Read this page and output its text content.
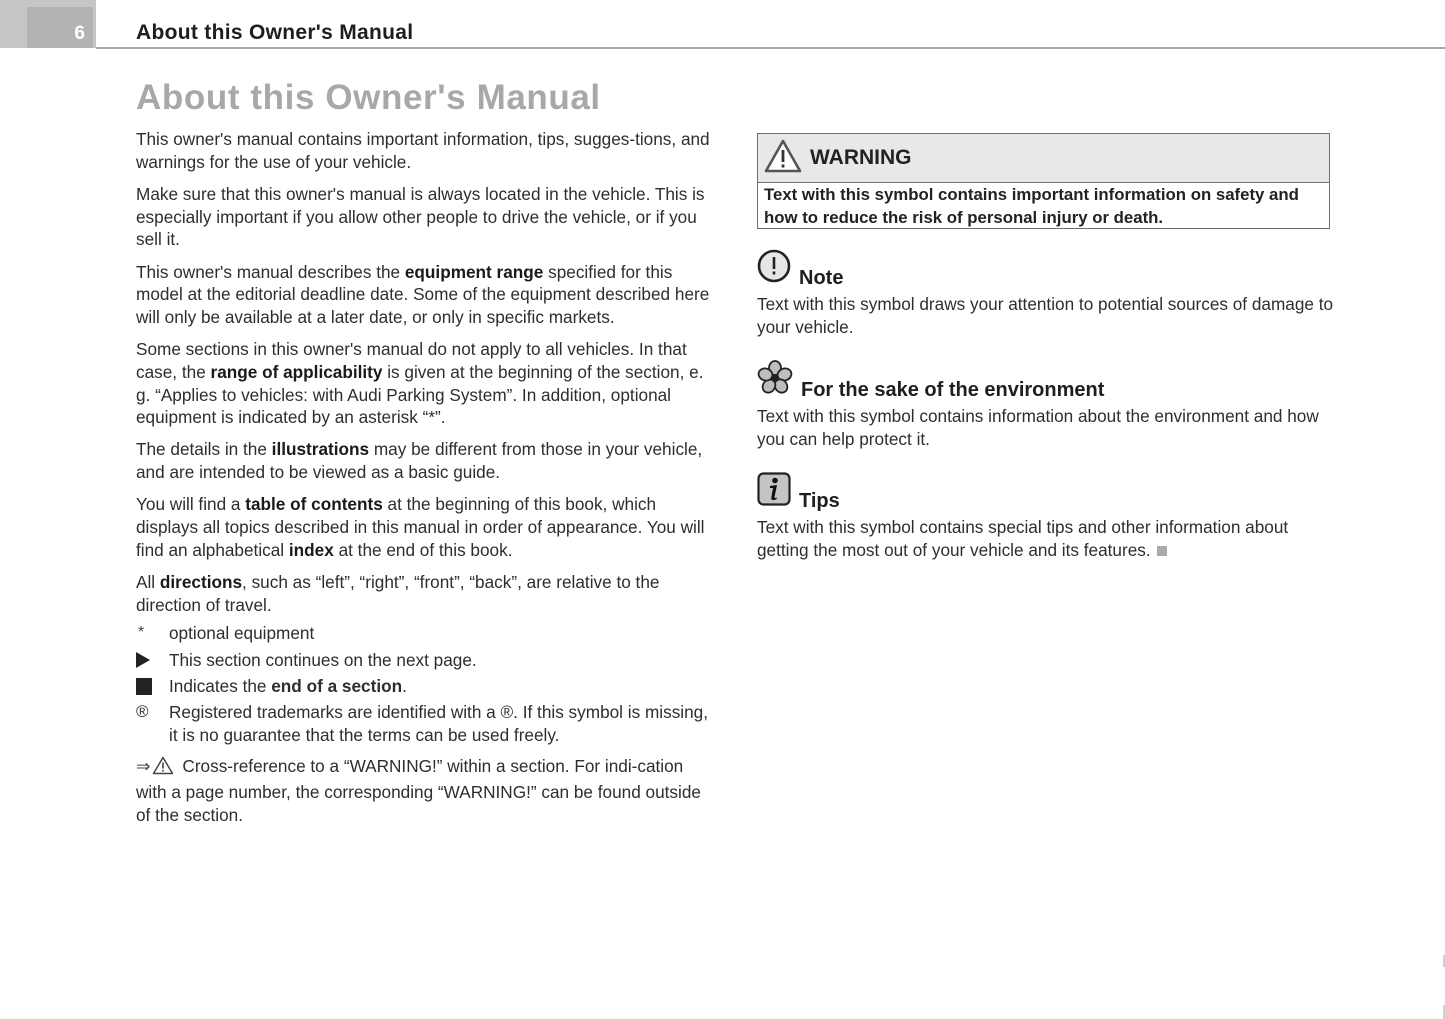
6 About this Owner's Manual
About this Owner's Manual

This owner's manual contains important information, tips, sugges-tions, and warnings for the use of your vehicle.

Make sure that this owner's manual is always located in the vehicle. This is especially important if you allow other people to drive the vehicle, or if you sell it.

This owner's manual describes the equipment range specified for this model at the editorial deadline date. Some of the equipment described here will only be available at a later date, or only in specific markets.

Some sections in this owner's manual do not apply to all vehicles. In that case, the range of applicability is given at the beginning of the section, e. g. “Applies to vehicles: with Audi Parking System”. In addition, optional equipment is indicated by an asterisk “*”.

The details in the illustrations may be different from those in your vehicle, and are intended to be viewed as a basic guide.

You will find a table of contents at the beginning of this book, which displays all topics described in this manual in order of appearance. You will find an alphabetical index at the end of this book.

All directions, such as “left”, “right”, “front”, “back”, are relative to the direction of travel.

* optional equipment
This section continues on the next page.
Indicates the end of a section.
® Registered trademarks are identified with a ®. If this symbol is missing, it is no guarantee that the terms can be used freely.

⇒ Cross-reference to a “WARNING!” within a section. For indi-cation with a page number, the corresponding “WARNING!” can be found outside of the section.

WARNING
Text with this symbol contains important information on safety and how to reduce the risk of personal injury or death.
Note
Text with this symbol draws your attention to potential sources of damage to your vehicle.
For the sake of the environment
Text with this symbol contains information about the environment and how you can help protect it.
Tips
Text with this symbol contains special tips and other information about getting the most out of your vehicle and its features.
